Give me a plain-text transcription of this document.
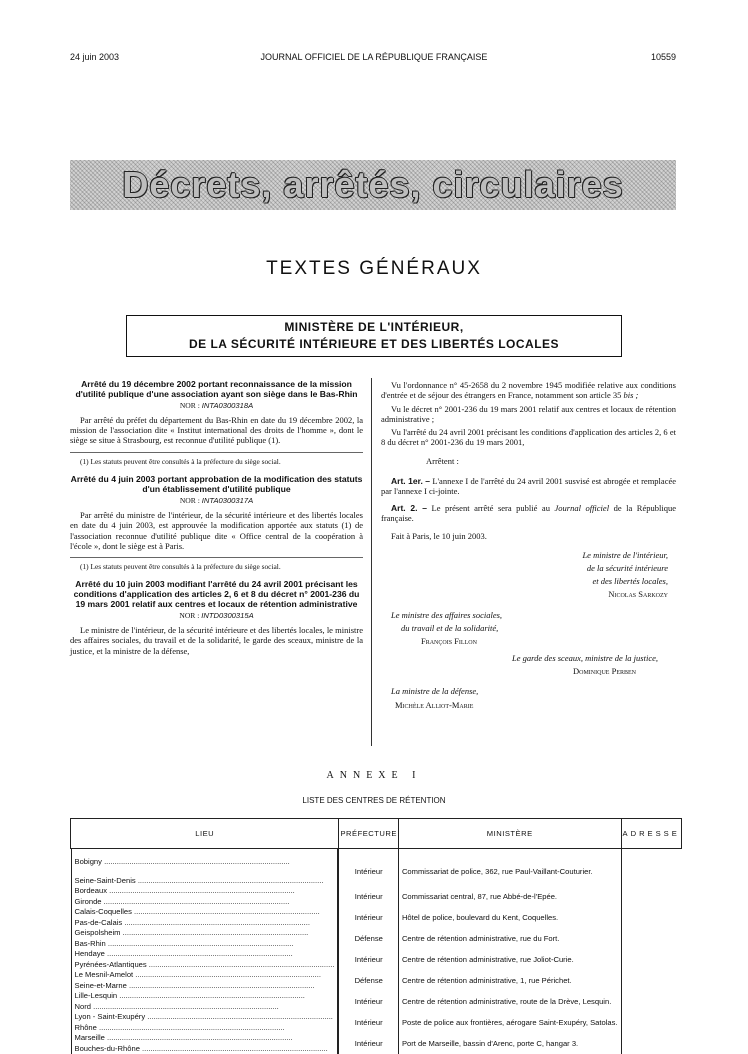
24 juin 2003	JOURNAL OFFICIEL DE LA RÉPUBLIQUE FRANÇAISE	10559
Décrets, arrêtés, circulaires
TEXTES GÉNÉRAUX
MINISTÈRE DE L'INTÉRIEUR,
DE LA SÉCURITÉ INTÉRIEURE ET DES LIBERTÉS LOCALES
Arrêté du 19 décembre 2002 portant reconnaissance de la mission d'utilité publique d'une association ayant son siège dans le Bas-Rhin
NOR : INTA0300318A

Par arrêté du préfet du département du Bas-Rhin en date du 19 décembre 2002, la mission de l'association dite « Institut international des droits de l'homme », dont le siège se situe à Strasbourg, est reconnue d'utilité publique (1).

(1) Les statuts peuvent être consultés à la préfecture du siège social.
Arrêté du 4 juin 2003 portant approbation de la modification des statuts d'un établissement d'utilité publique
NOR : INTA0300317A

Par arrêté du ministre de l'intérieur, de la sécurité intérieure et des libertés locales en date du 4 juin 2003, est approuvée la modification apportée aux statuts (1) de l'association reconnue d'utilité publique dite « Office central de la coopération à l'école », dont le siège est à Paris.

(1) Les statuts peuvent être consultés à la préfecture du siège social.
Arrêté du 10 juin 2003 modifiant l'arrêté du 24 avril 2001 précisant les conditions d'application des articles 2, 6 et 8 du décret n° 2001-236 du 19 mars 2001 relatif aux centres et locaux de rétention administrative
NOR : INTD0300315A

Le ministre de l'intérieur, de la sécurité intérieure et des libertés locales, le ministre des affaires sociales, du travail et de la solidarité, le garde des sceaux, ministre de la justice, et la ministre de la défense,

Vu l'ordonnance n° 45-2658 du 2 novembre 1945 modifiée relative aux conditions d'entrée et de séjour des étrangers en France, notamment son article 35 bis ;

Vu le décret n° 2001-236 du 19 mars 2001 relatif aux centres et locaux de rétention administrative ;

Vu l'arrêté du 24 avril 2001 précisant les conditions d'application des articles 2, 6 et 8 du décret n° 2001-236 du 19 mars 2001,

Arrêtent :

Art. 1er. – L'annexe I de l'arrêté du 24 avril 2001 susvisé est abrogée et remplacée par l'annexe I ci-jointe.

Art. 2. – Le présent arrêté sera publié au Journal officiel de la République française.

Fait à Paris, le 10 juin 2003.

Le ministre de l'intérieur,

de la sécurité intérieure

et des libertés locales,

Nicolas Sarkozy

Le ministre des affaires sociales,

du travail et de la solidarité,

François Fillon

Le garde des sceaux, ministre de la justice,

Dominique Perben

La ministre de la défense,

Michèle Alliot-Marie

ANNEXE I
LISTE DES CENTRES DE RÉTENTION
LIEU	PRÉFECTURE	MINISTÈRE	ADRESSE

Bobigny .....
Seine-Saint-Denis .....
Intérieur	Commissariat de police, 362, rue Paul-Vaillant-Couturier.	

Bordeaux .....
Gironde .....	Intérieur	Commissariat central, 87, rue Abbé-de-l'Epée.	

Calais-Coquelles .....
Pas-de-Calais .....	Intérieur	Hôtel de police, boulevard du Kent, Coquelles.	

Geispolsheim .....
Bas-Rhin .....	Défense	Centre de rétention administrative, rue du Fort.	

Hendaye .....
Pyrénées-Atlantiques .....	Intérieur	Centre de rétention administrative, rue Joliot-Curie.	

Le Mesnil-Amelot .....
Seine-et-Marne .....	Défense	Centre de rétention administrative, 1, rue Périchet.	

Lille-Lesquin .....
Nord .....	Intérieur	Centre de rétention administrative, route de la Drève, Lesquin.	

Lyon - Saint-Exupéry .....
Rhône .....	Intérieur	Poste de police aux frontières, aérogare Saint-Exupéry, Satolas.	

Marseille .....
Bouches-du-Rhône .....	Intérieur	Port de Marseille, bassin d'Arenc, porte C, hangar 3.	
